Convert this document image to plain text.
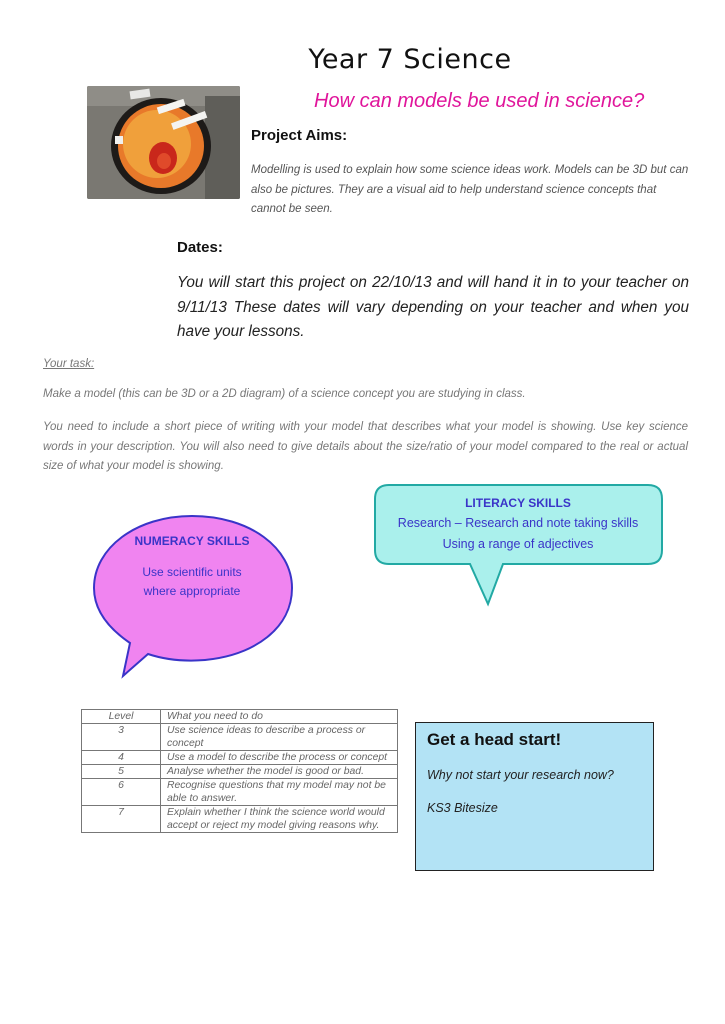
Year 7 Science
How can models be used in science?
Project Aims:
Modelling is used to explain how some science ideas work. Models can be 3D but can also be pictures. They are a visual aid to help understand science concepts that cannot be seen.
Dates:
You will start this project on 22/10/13 and will hand it in to your teacher on 9/11/13 These dates will vary depending on your teacher and when you have your lessons.
Your task:
Make a model (this can be 3D or a 2D diagram) of a science concept you are studying in class.
You need to include a short piece of writing with your model that describes what your model is showing. Use key science words in your description. You will also need to give details about the size/ratio of your model compared to the real or actual size of what your model is showing.
LITERACY SKILLS
Research – Research and note taking skills
Using a range of adjectives
NUMERACY SKILLS
Use scientific units
where appropriate
Level	What you need to do
3	Use science ideas to describe a process or concept
4	Use a model to describe the process or concept
5	Analyse whether the model is good or bad.
6	Recognise questions that my model may not be able to answer.
7	Explain whether I think the science world would accept or reject my model giving reasons why.
Get a head start!
Why not start your research now?
KS3 Bitesize
